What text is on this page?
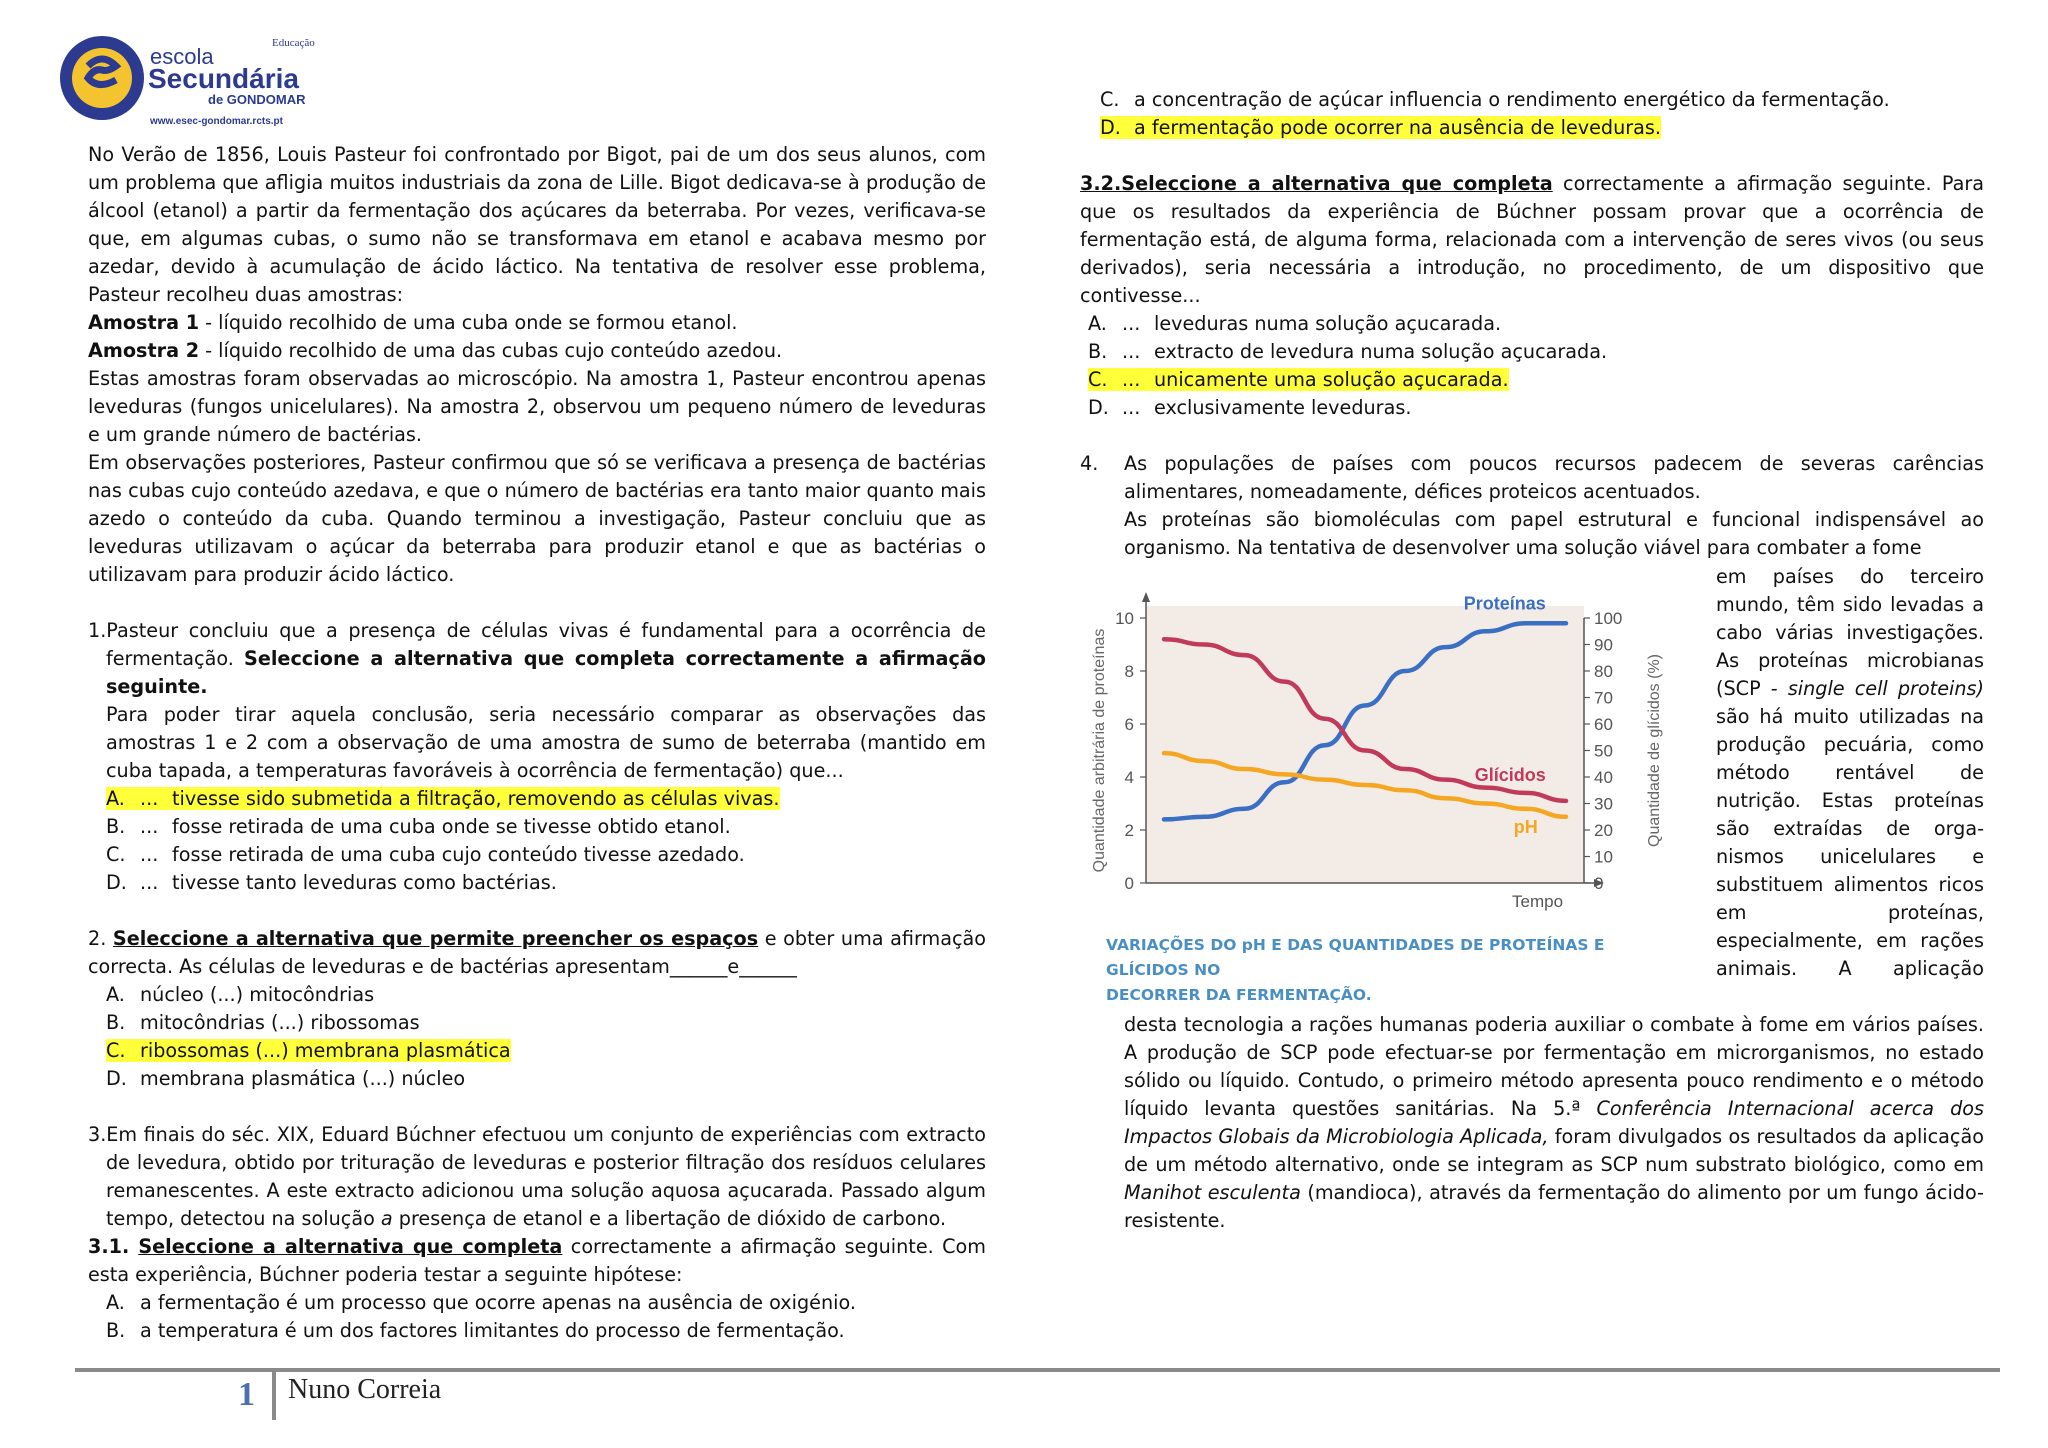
escola
Secundária
de GONDOMAR
Educação
www.esec-gondomar.rcts.pt

No Verão de 1856, Louis Pasteur foi confrontado por Bigot, pai de um dos seus alunos, com um problema que afligia muitos industriais da zona de Lille. Bigot dedicava-se à produção de álcool (etanol) a partir da fermentação dos açúcares da beterraba. Por vezes, verificava-se que, em algumas cubas, o sumo não se transformava em etanol e acabava mesmo por azedar, devido à acumulação de ácido láctico. Na tentativa de resolver esse problema, Pasteur recolheu duas amostras:

Amostra 1 - líquido recolhido de uma cuba onde se formou etanol.

Amostra 2 - líquido recolhido de uma das cubas cujo conteúdo azedou.

Estas amostras foram observadas ao microscópio. Na amostra 1, Pasteur encontrou apenas leveduras (fungos unicelulares). Na amostra 2, observou um pequeno número de leveduras e um grande número de bactérias.

Em observações posteriores, Pasteur confirmou que só se verificava a presença de bactérias nas cubas cujo conteúdo azedava, e que o número de bactérias era tanto maior quanto mais azedo o conteúdo da cuba. Quando terminou a investigação, Pasteur concluiu que as leveduras utilizavam o açúcar da beterraba para produzir etanol e que as bactérias o utilizavam para produzir ácido láctico.

1.Pasteur concluiu que a presença de células vivas é fundamental para a ocorrência de fermentação. Seleccione a alternativa que completa correctamente a afirmação seguinte.

Para poder tirar aquela conclusão, seria necessário comparar as observações das amostras 1 e 2 com a observação de uma amostra de sumo de beterraba (mantido em cuba tapada, a temperaturas favoráveis à ocorrência de fermentação) que...

A. ... tivesse sido submetida a filtração, removendo as células vivas.

B. ... fosse retirada de uma cuba onde se tivesse obtido etanol.

C. ... fosse retirada de uma cuba cujo conteúdo tivesse azedado.

D. ... tivesse tanto leveduras como bactérias.

2. Seleccione a alternativa que permite preencher os espaços e obter uma afirmação correcta. As células de leveduras e de bactérias apresentam______e______

A. núcleo (...) mitocôndrias

B. mitocôndrias (...) ribossomas

C. ribossomas (...) membrana plasmática

D. membrana plasmática (...) núcleo

3.Em finais do séc. XIX, Eduard Búchner efectuou um conjunto de experiências com extracto de levedura, obtido por trituração de leveduras e posterior filtração dos resíduos celulares remanescentes. A este extracto adicionou uma solução aquosa açucarada. Passado algum tempo, detectou na solução a presença de etanol e a libertação de dióxido de carbono.

3.1. Seleccione a alternativa que completa correctamente a afirmação seguinte. Com esta experiência, Búchner poderia testar a seguinte hipótese:

A. a fermentação é um processo que ocorre apenas na ausência de oxigénio.

B. a temperatura é um dos factores limitantes do processo de fermentação.

C. a concentração de açúcar influencia o rendimento energético da fermentação.

D. a fermentação pode ocorrer na ausência de leveduras.

3.2.Seleccione a alternativa que completa correctamente a afirmação seguinte. Para que os resultados da experiência de Búchner possam provar que a ocorrência de fermentação está, de alguma forma, relacionada com a intervenção de seres vivos (ou seus derivados), seria necessária a introdução, no procedimento, de um dispositivo que contivesse...

A. ... leveduras numa solução açucarada.

B. ... extracto de levedura numa solução açucarada.

C. ... unicamente uma solução açucarada.

D. ... exclusivamente leveduras.

4. As populações de países com poucos recursos padecem de severas carências alimentares, nomeadamente, défices proteicos acentuados.

As proteínas são biomoléculas com papel estrutural e funcional indispensável ao organismo. Na tentativa de desenvolver uma solução viável para combater a fome

0
2
4
6
8
10
0
10
20
30
40
50
60
70
80
90
100
Quantidade arbitrária de proteínas	Quantidade de glícidos (%)
Tempo
Proteínas
Glícidos
pH
VARIAÇÕES DO pH E DAS QUANTIDADES DE PROTEÍNAS E GLÍCIDOS NO
DECORRER DA FERMENTAÇÃO.

em países do terceiro mundo, têm sido levadas a cabo várias investigações. As proteínas microbianas (SCP - single cell proteins) são há muito utilizadas na produção pecuária, como método rentável de nutrição. Estas proteínas são extraídas de orga-nismos unicelulares e substituem alimentos ricos em proteínas, especialmente, em rações animais. A aplicação

desta tecnologia a rações humanas poderia auxiliar o combate à fome em vários países. A produção de SCP pode efectuar-se por fermentação em microrganismos, no estado sólido ou líquido. Contudo, o primeiro método apresenta pouco rendimento e o método líquido levanta questões sanitárias. Na 5.ª Conferência Internacional acerca dos Impactos Globais da Microbiologia Aplicada, foram divulgados os resultados da aplicação de um método alternativo, onde se integram as SCP num substrato biológico, como em Manihot esculenta (mandioca), através da fermentação do alimento por um fungo ácido-resistente.

1 Nuno Correia
